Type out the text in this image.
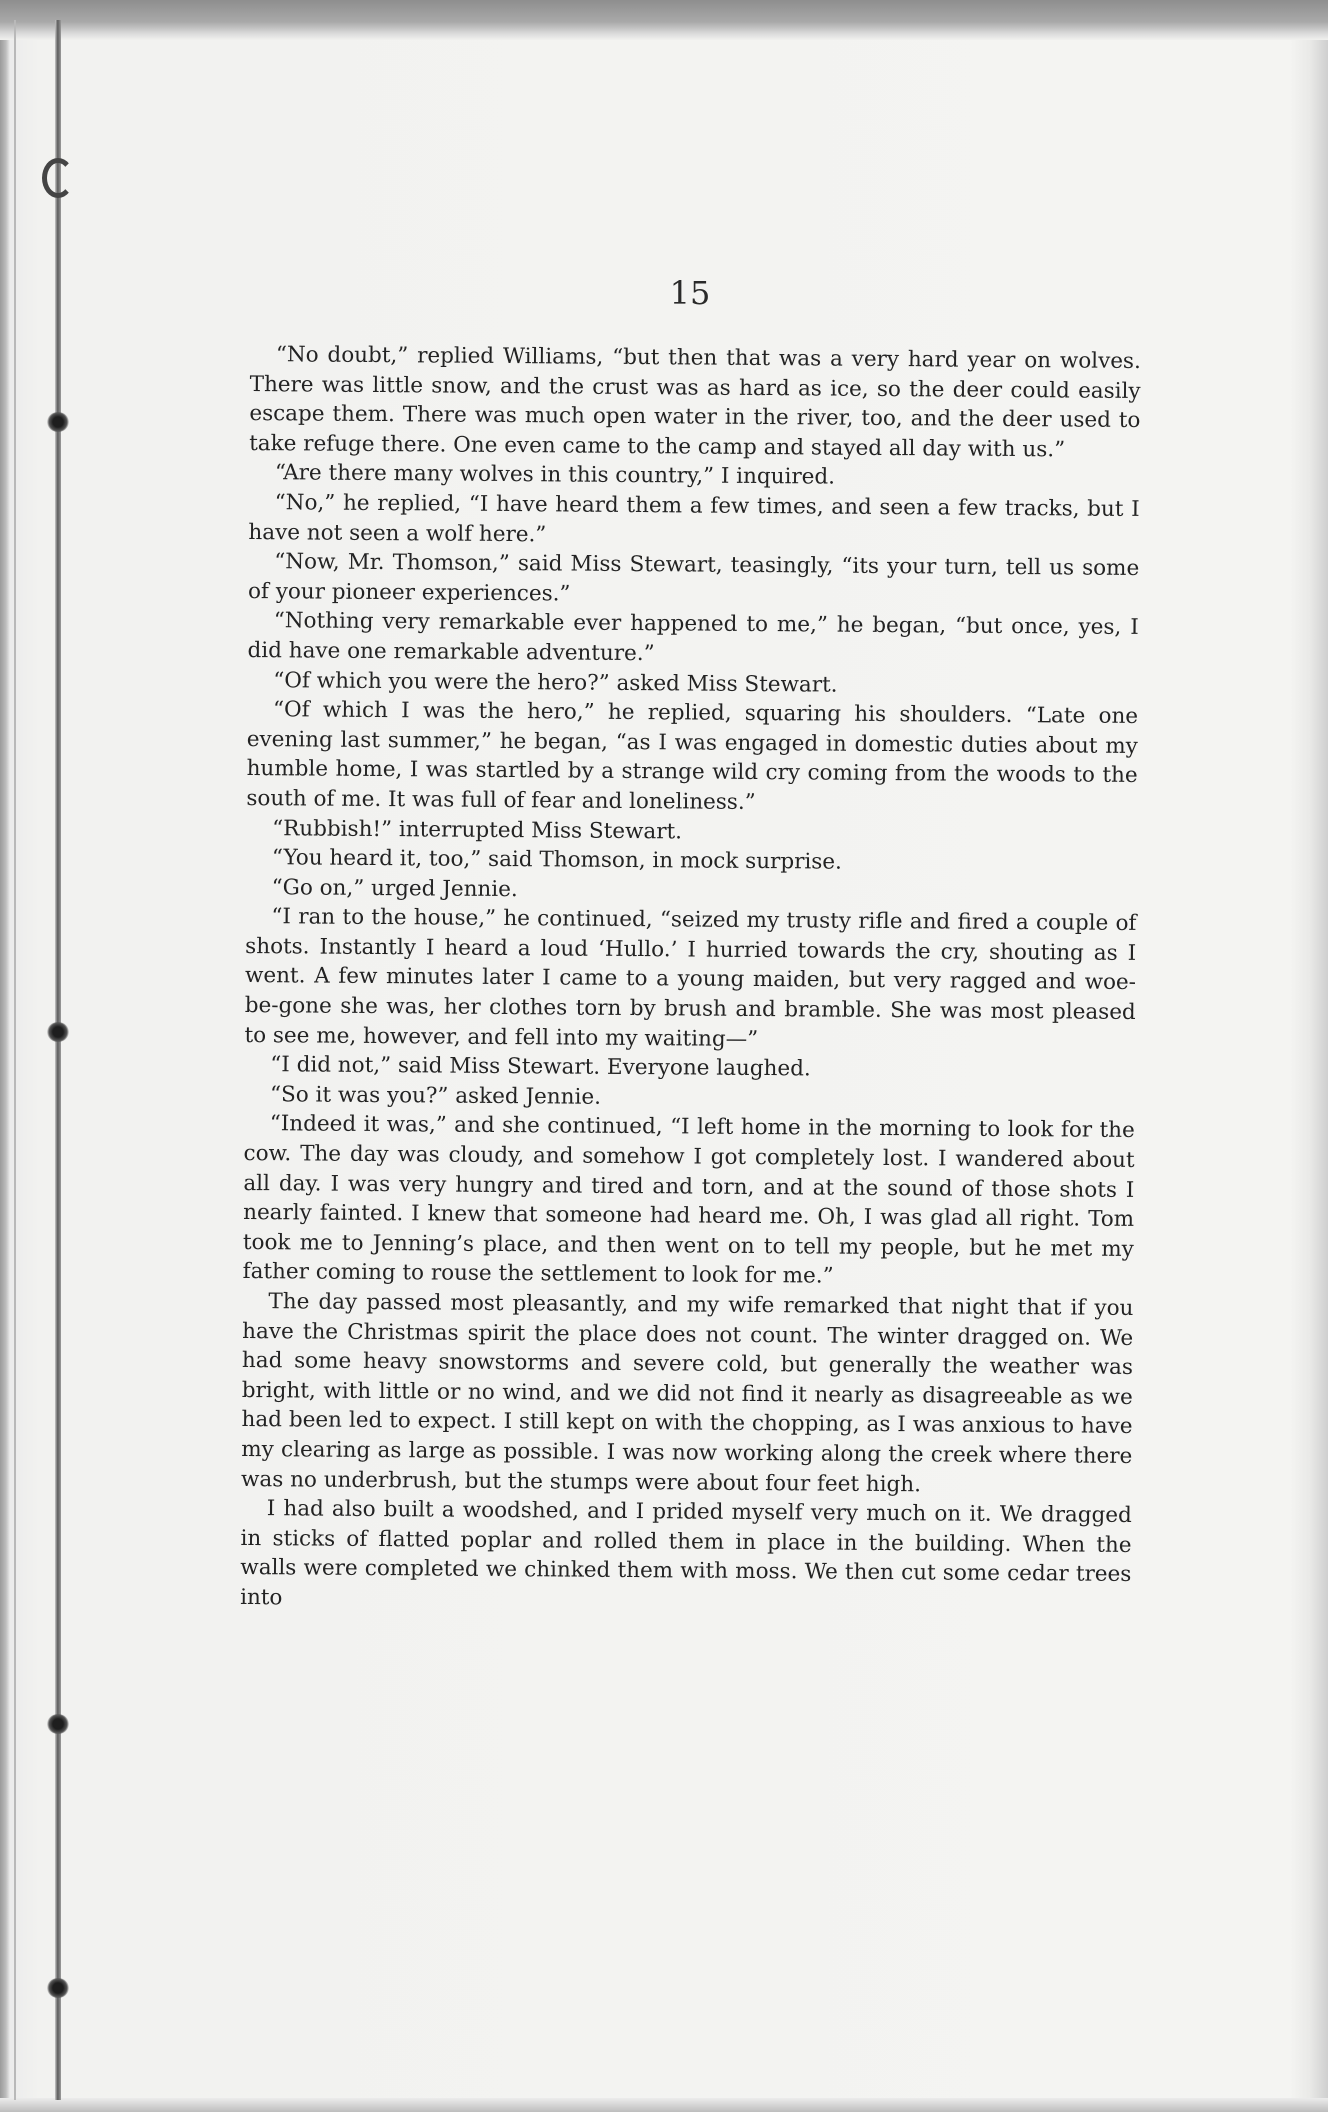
15

“No doubt,” replied Williams, “but then that was a very hard year on wolves. There was little snow, and the crust was as hard as ice, so the deer could easily escape them. There was much open water in the river, too, and the deer used to take refuge there. One even came to the camp and stayed all day with us.”

“Are there many wolves in this country,” I inquired.

“No,” he replied, “I have heard them a few times, and seen a few tracks, but I have not seen a wolf here.”

“Now, Mr. Thomson,” said Miss Stewart, teasingly, “its your turn, tell us some of your pioneer experiences.”

“Nothing very remarkable ever happened to me,” he began, “but once, yes, I did have one remarkable adventure.”

“Of which you were the hero?” asked Miss Stewart.

“Of which I was the hero,” he replied, squaring his shoulders. “Late one evening last summer,” he began, “as I was engaged in domestic duties about my humble home, I was startled by a strange wild cry coming from the woods to the south of me. It was full of fear and loneliness.”

“Rubbish!” interrupted Miss Stewart.

“You heard it, too,” said Thomson, in mock surprise.

“Go on,” urged Jennie.

“I ran to the house,” he continued, “seized my trusty rifle and fired a couple of shots. Instantly I heard a loud ‘Hullo.’ I hurried towards the cry, shouting as I went. A few minutes later I came to a young maiden, but very ragged and woe-be-gone she was, her clothes torn by brush and bramble. She was most pleased to see me, however, and fell into my waiting—”

“I did not,” said Miss Stewart. Everyone laughed.

“So it was you?” asked Jennie.

“Indeed it was,” and she continued, “I left home in the morning to look for the cow. The day was cloudy, and somehow I got completely lost. I wandered about all day. I was very hungry and tired and torn, and at the sound of those shots I nearly fainted. I knew that someone had heard me. Oh, I was glad all right. Tom took me to Jenning’s place, and then went on to tell my people, but he met my father coming to rouse the settlement to look for me.”

The day passed most pleasantly, and my wife remarked that night that if you have the Christmas spirit the place does not count. The winter dragged on. We had some heavy snowstorms and severe cold, but generally the weather was bright, with little or no wind, and we did not find it nearly as disagreeable as we had been led to expect. I still kept on with the chopping, as I was anxious to have my clearing as large as possible. I was now working along the creek where there was no underbrush, but the stumps were about four feet high.

I had also built a woodshed, and I prided myself very much on it. We dragged in sticks of flatted poplar and rolled them in place in the building. When the walls were completed we chinked them with moss. We then cut some cedar trees into
